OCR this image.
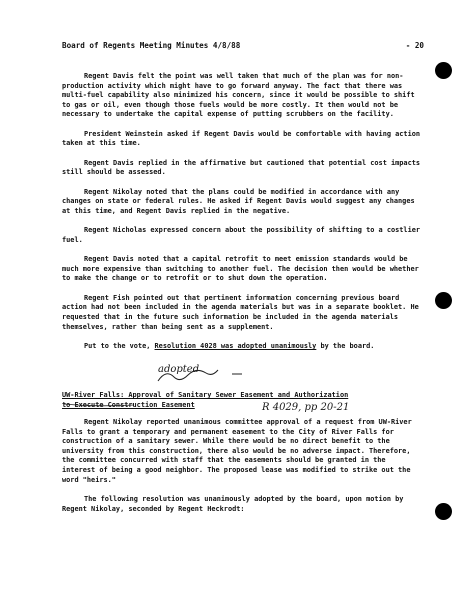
Board of Regents Meeting Minutes 4/8/88	- 20

Regent Davis felt the point was well taken that much of the plan was for non-production activity which might have to go forward anyway. The fact that there was multi-fuel capability also minimized his concern, since it would be possible to shift to gas or oil, even though those fuels would be more costly. It then would not be necessary to undertake the capital expense of putting scrubbers on the facility.

President Weinstein asked if Regent Davis would be comfortable with having action taken at this time.

Regent Davis replied in the affirmative but cautioned that potential cost impacts still should be assessed.

Regent Nikolay noted that the plans could be modified in accordance with any changes on state or federal rules. He asked if Regent Davis would suggest any changes at this time, and Regent Davis replied in the negative.

Regent Nicholas expressed concern about the possibility of shifting to a costlier fuel.

Regent Davis noted that a capital retrofit to meet emission standards would be much more expensive than switching to another fuel. The decision then would be whether to make the change or to retrofit or to shut down the operation.

Regent Fish pointed out that pertinent information concerning previous board action had not been included in the agenda materials but was in a separate booklet. He requested that in the future such information be included in the agenda materials themselves, rather than being sent as a supplement.

Put to the vote, Resolution 4028 was adopted unanimously by the board.

adopted
R 4029, pp 20-21
UW-River Falls: Approval of Sanitary Sewer Easement and Authorization
to Execute Construction Easement

Regent Nikolay reported unanimous committee approval of a request from UW-River Falls to grant a temporary and permanent easement to the City of River Falls for construction of a sanitary sewer. While there would be no direct benefit to the university from this construction, there also would be no adverse impact. Therefore, the committee concurred with staff that the easements should be granted in the interest of being a good neighbor. The proposed lease was modified to strike out the word "heirs."

The following resolution was unanimously adopted by the board, upon motion by Regent Nikolay, seconded by Regent Heckrodt:
